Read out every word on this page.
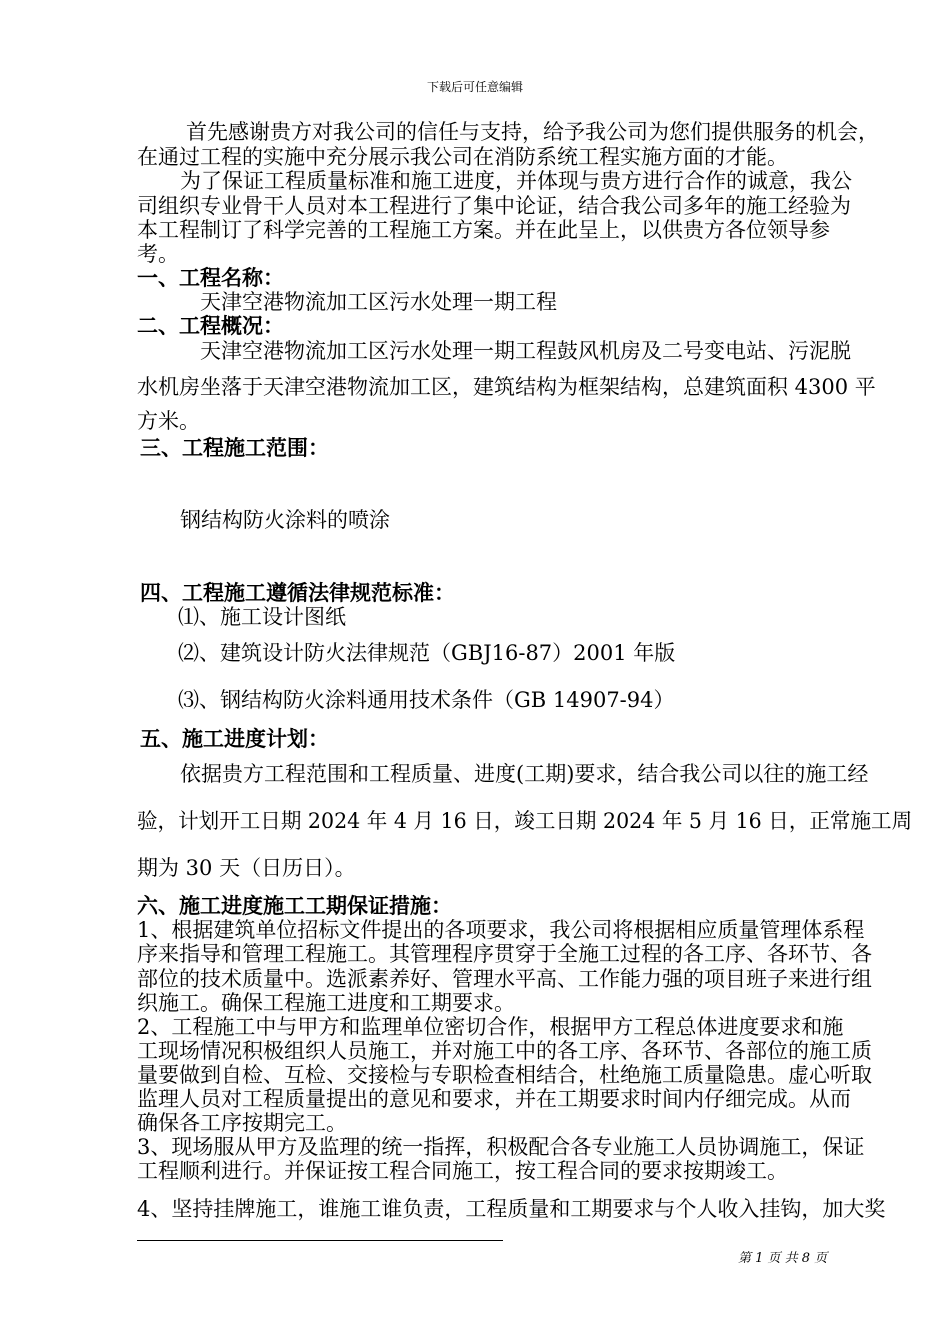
下载后可任意编辑
首先感谢贵方对我公司的信任与支持，给予我公司为您们提供服务的机会，
在通过工程的实施中充分展示我公司在消防系统工程实施方面的才能。
为了保证工程质量标准和施工进度，并体现与贵方进行合作的诚意，我公
司组织专业骨干人员对本工程进行了集中论证，结合我公司多年的施工经验为
本工程制订了科学完善的工程施工方案。并在此呈上，以供贵方各位领导参
考。
一、工程名称：
天津空港物流加工区污水处理一期工程
二、工程概况：
天津空港物流加工区污水处理一期工程鼓风机房及二号变电站、污泥脱
水机房坐落于天津空港物流加工区，建筑结构为框架结构，总建筑面积 4300 平
方米。
三、工程施工范围：
钢结构防火涂料的喷涂
四、工程施工遵循法律规范标准：
⑴、施工设计图纸
⑵、建筑设计防火法律规范（GBJ16-87）2001 年版
⑶、钢结构防火涂料通用技术条件（GB 14907-94）
五、施工进度计划：
依据贵方工程范围和工程质量、进度(工期)要求，结合我公司以往的施工经
验，计划开工日期 2024 年 4 月 16 日，竣工日期 2024 年 5 月 16 日，正常施工周
期为 30 天（日历日）。
六、施工进度施工工期保证措施：
1、根据建筑单位招标文件提出的各项要求，我公司将根据相应质量管理体系程
序来指导和管理工程施工。其管理程序贯穿于全施工过程的各工序、各环节、各
部位的技术质量中。选派素养好、管理水平高、工作能力强的项目班子来进行组
织施工。确保工程施工进度和工期要求。
2、工程施工中与甲方和监理单位密切合作，根据甲方工程总体进度要求和施
工现场情况积极组织人员施工，并对施工中的各工序、各环节、各部位的施工质
量要做到自检、互检、交接检与专职检查相结合，杜绝施工质量隐患。虚心听取
监理人员对工程质量提出的意见和要求，并在工期要求时间内仔细完成。从而
确保各工序按期完工。
3、现场服从甲方及监理的统一指挥，积极配合各专业施工人员协调施工，保证
工程顺利进行。并保证按工程合同施工，按工程合同的要求按期竣工。
4、坚持挂牌施工，谁施工谁负责，工程质量和工期要求与个人收入挂钩，加大奖
第 1 页 共 8 页
